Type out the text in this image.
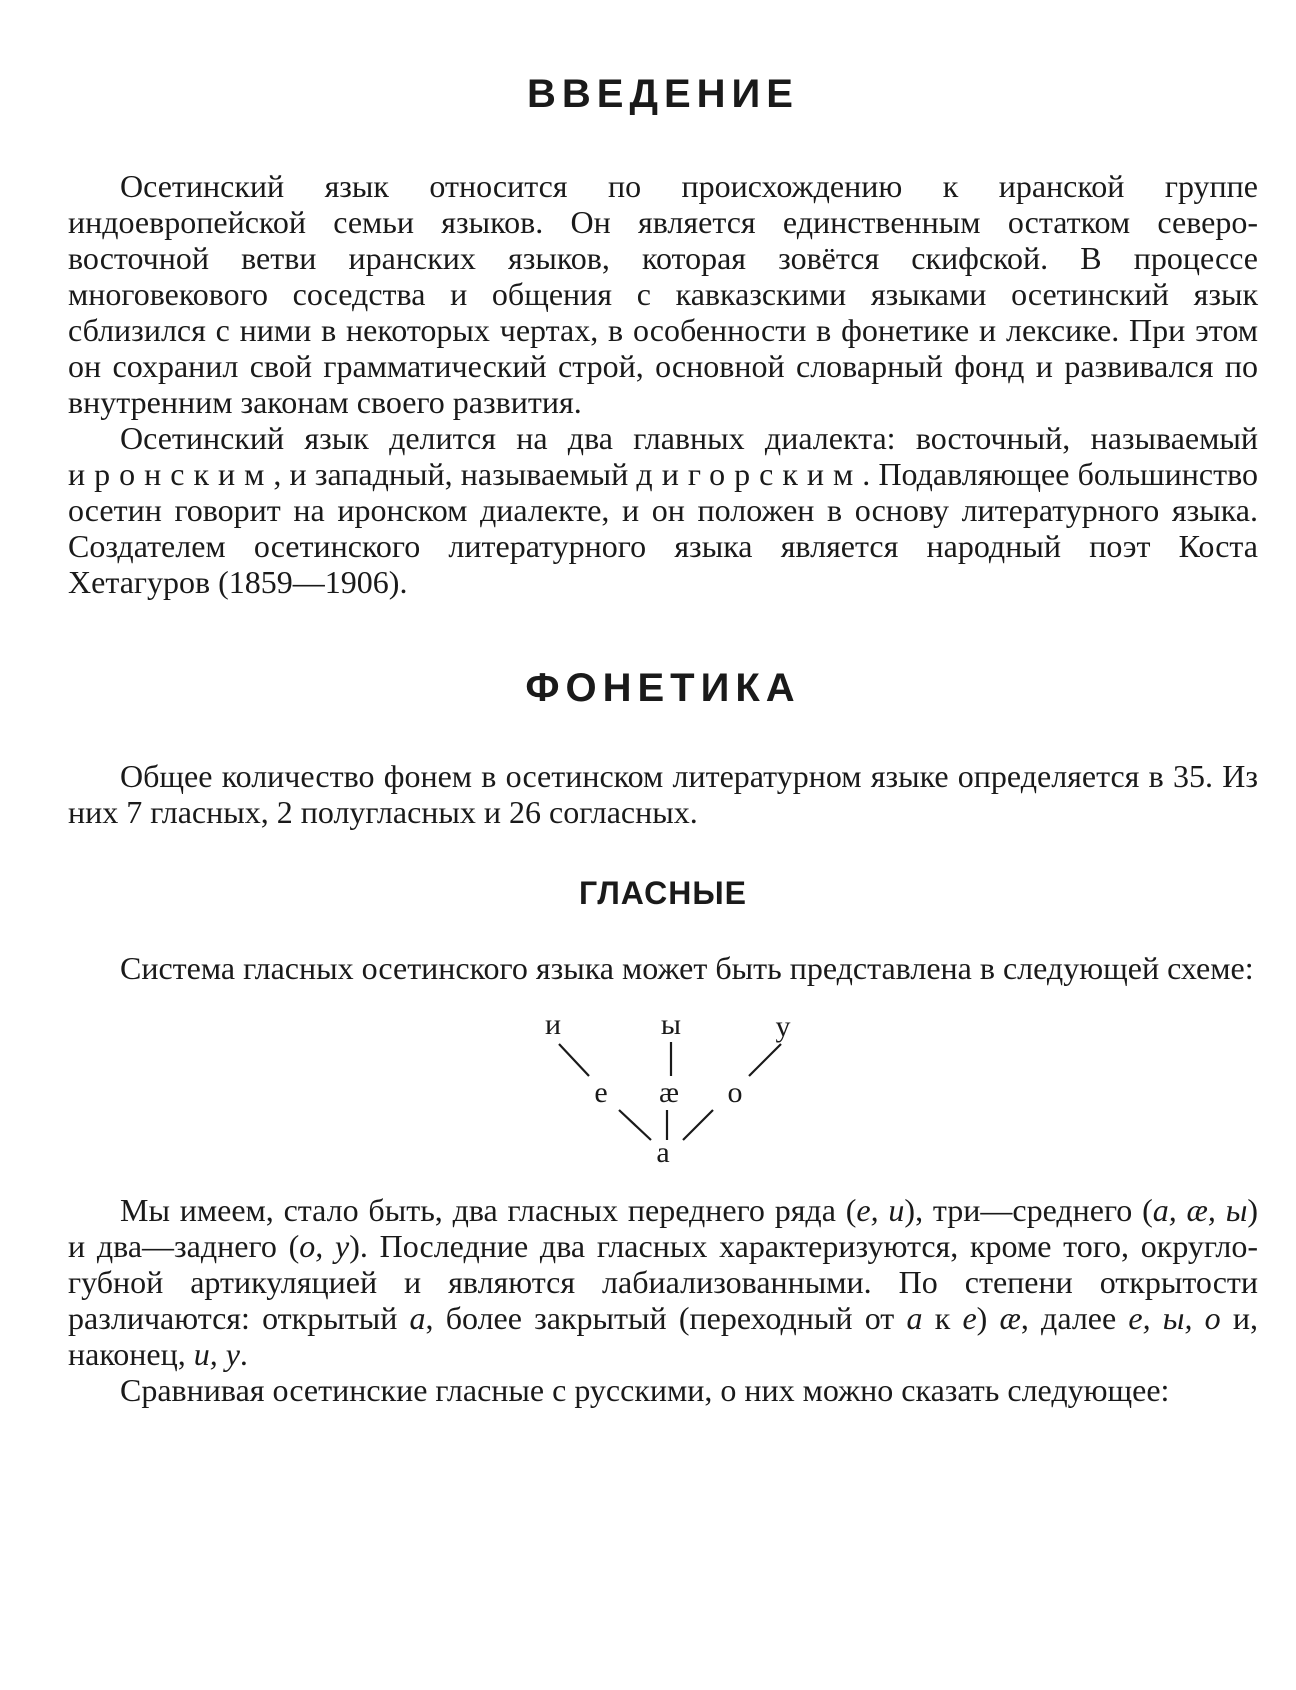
ВВЕДЕНИЕ

Осетинский язык относится по происхождению к иранской группе индоевропейской семьи языков. Он является единственным остатком северо-восточной ветви иранских языков, которая зовётся скифской. В процессе многовекового соседства и общения с кавказскими языками осетинский язык сблизился с ними в некоторых чертах, в особенности в фонетике и лексике. При этом он сохранил свой грамматический строй, основной словарный фонд и развивался по внутренним законам своего развития.

Осетинский язык делится на два главных диалекта: восточный, называемый иронским, и западный, называемый дигорским. Подавляющее большинство осетин говорит на иронском диалекте, и он положен в основу литературного языка. Создателем осетинского литературного языка является народный поэт Коста Хетагуров (1859—1906).

ФОНЕТИКА

Общее количество фонем в осетинском литературном языке определяется в 35. Из них 7 гласных, 2 полугласных и 26 согласных.

ГЛАСНЫЕ

Система гласных осетинского языка может быть представлена в следующей схеме:

и	ы	у
е æ о
а

Мы имеем, стало быть, два гласных переднего ряда (е, и), три—среднего (а, æ, ы) и два—заднего (о, у). Последние два гласных характеризуются, кроме того, округло-губной артикуляцией и являются лабиализованными. По степени открытости различаются: открытый а, более закрытый (переходный от а к е) æ, далее е, ы, о и, наконец, и, у.

Сравнивая осетинские гласные с русскими, о них можно сказать следующее:
